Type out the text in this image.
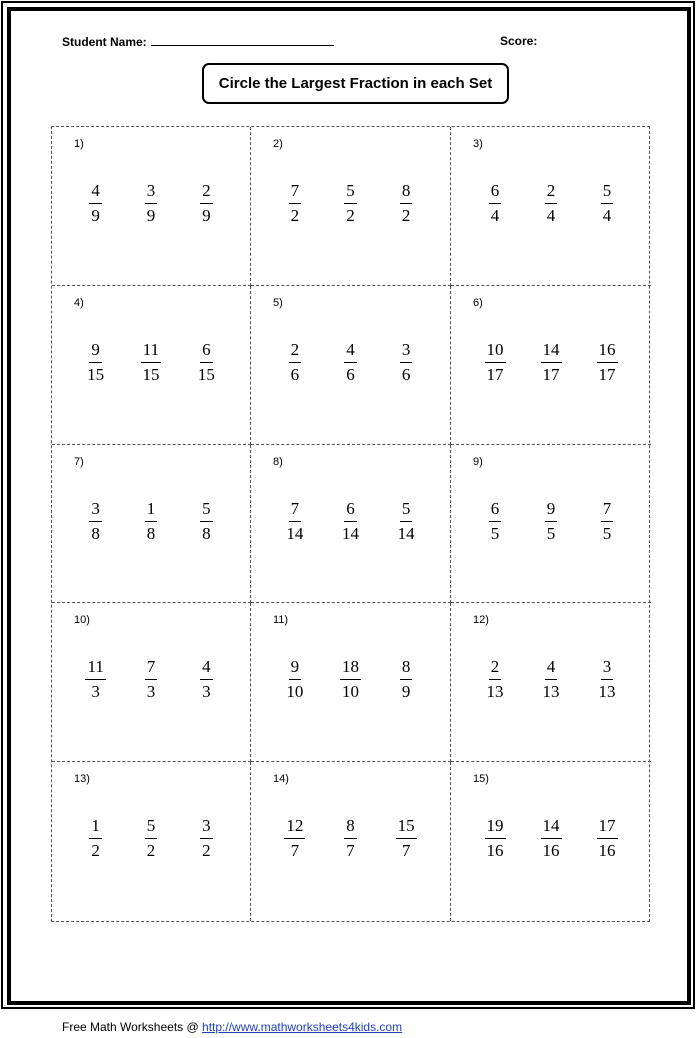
Student Name:	Score:
Circle the Largest Fraction in each Set
1)
$\frac{4}{9} \frac{3}{9} \frac{2}{9}$
2)
$\frac{7}{2} \frac{5}{2} \frac{8}{2}$
3)
$\frac{6}{4} \frac{2}{4} \frac{5}{4}$
4)
$\frac{9}{15} \frac{11}{15} \frac{6}{15}$
5)
$\frac{2}{6} \frac{4}{6} \frac{3}{6}$
6)
$\frac{10}{17} \frac{14}{17} \frac{16}{17}$
7)
$\frac{3}{8} \frac{1}{8} \frac{5}{8}$
8)
$\frac{7}{14} \frac{6}{14} \frac{5}{14}$
9)
$\frac{6}{5} \frac{9}{5} \frac{7}{5}$
10)
$\frac{11}{3} \frac{7}{3} \frac{4}{3}$
11)
$\frac{9}{10} \frac{18}{10} \frac{8}{9}$
12)
$\frac{2}{13} \frac{4}{13} \frac{3}{13}$
13)
$\frac{1}{2} \frac{5}{2} \frac{3}{2}$
14)
$\frac{12}{7} \frac{8}{7} \frac{15}{7}$
15)
$\frac{19}{16} \frac{14}{16} \frac{17}{16}$
Free Math Worksheets @ http://www.mathworksheets4kids.com
